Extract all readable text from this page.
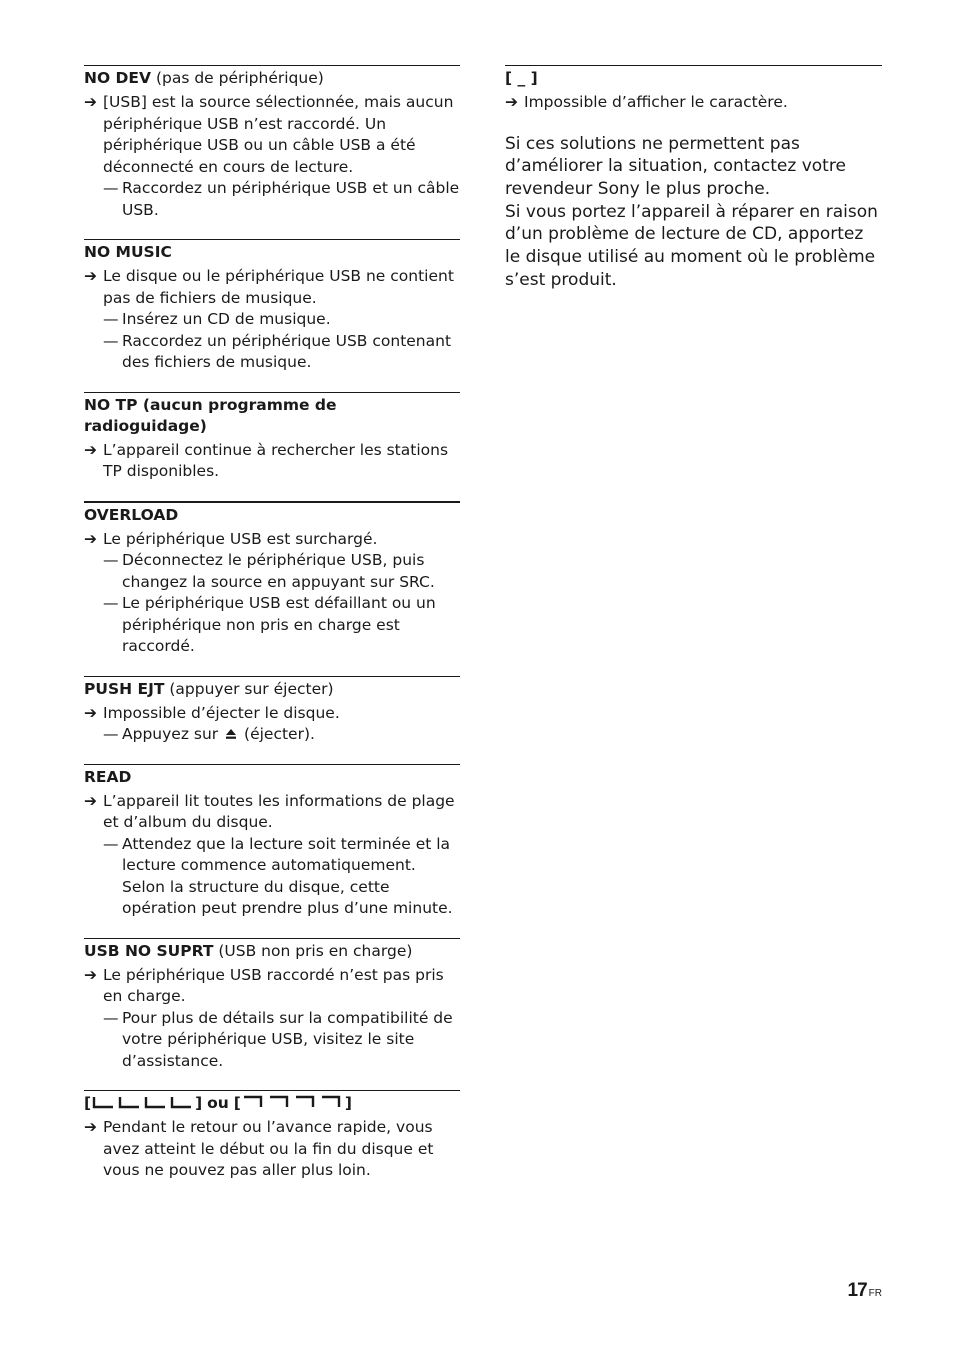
NO DEV (pas de périphérique)

➔ [USB] est la source sélectionnée, mais aucun périphérique USB n’est raccordé. Un périphérique USB ou un câble USB a été déconnecté en cours de lecture.
— Raccordez un périphérique USB et un câble USB.

NO MUSIC

➔ Le disque ou le périphérique USB ne contient pas de fichiers de musique.
— Insérez un CD de musique.
— Raccordez un périphérique USB contenant des fichiers de musique.

NO TP (aucun programme de radioguidage)

➔ L’appareil continue à rechercher les stations TP disponibles.

OVERLOAD

➔ Le périphérique USB est surchargé.
— Déconnectez le périphérique USB, puis changez la source en appuyant sur SRC.
— Le périphérique USB est défaillant ou un périphérique non pris en charge est raccordé.

PUSH EJT (appuyer sur éjecter)

➔ Impossible d’éjecter le disque.
— Appuyez sur (éjecter).

READ

➔ L’appareil lit toutes les informations de plage et d’album du disque.
— Attendez que la lecture soit terminée et la lecture commence automatiquement. Selon la structure du disque, cette opération peut prendre plus d’une minute.

USB NO SUPRT (USB non pris en charge)

➔ Le périphérique USB raccordé n’est pas pris en charge.
— Pour plus de détails sur la compatibilité de votre périphérique USB, visitez le site d’assistance.

[	] ou [	]

➔ Pendant le retour ou l’avance rapide, vous avez atteint le début ou la fin du disque et vous ne pouvez pas aller plus loin.

[ _ ]

➔ Impossible d’afficher le caractère.
Si ces solutions ne permettent pas d’améliorer la situation, contactez votre revendeur Sony le plus proche.
Si vous portez l’appareil à réparer en raison d’un problème de lecture de CD, apportez le disque utilisé au moment où le problème s’est produit.
17 FR
